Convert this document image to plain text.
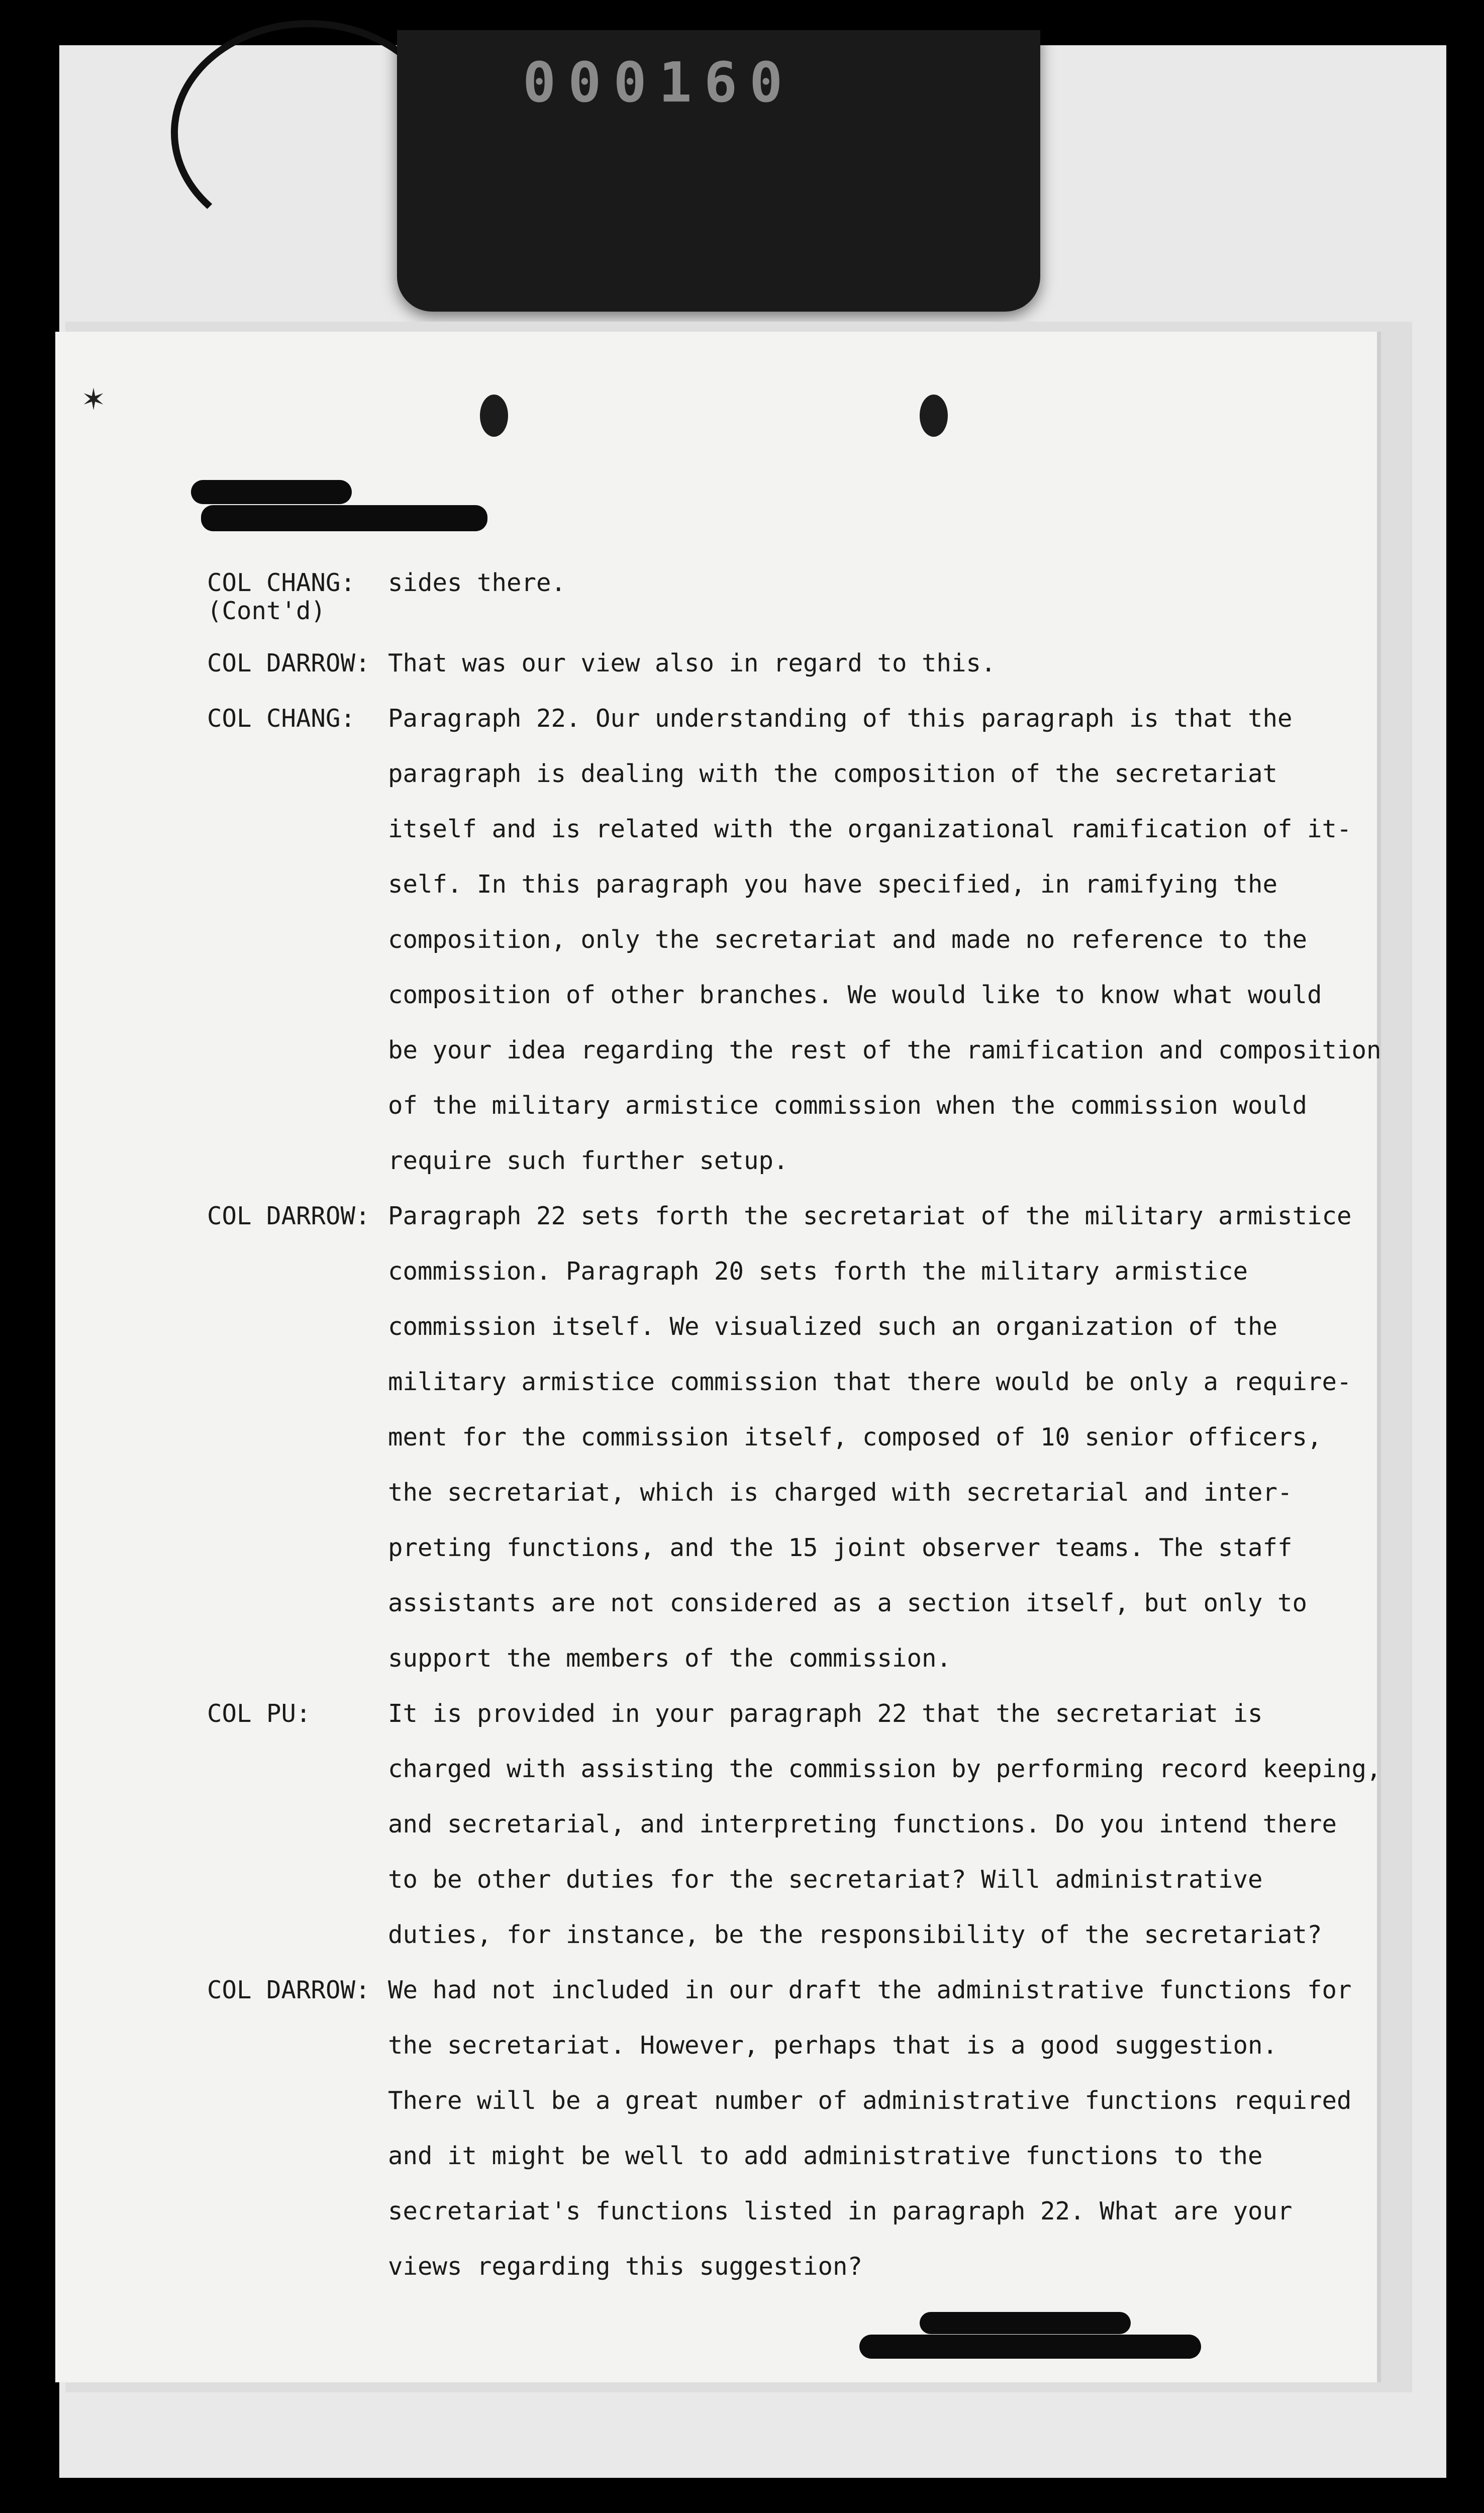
000160
✶
COL CHANG:
(Cont'd)

sides there.

COL DARROW: That was our view also in regard to this.

COL CHANG:	Paragraph 22. Our understanding of this paragraph is that the

paragraph is dealing with the composition of the secretariat

itself and is related with the organizational ramification of it-

self. In this paragraph you have specified, in ramifying the

composition, only the secretariat and made no reference to the

composition of other branches. We would like to know what would

be your idea regarding the rest of the ramification and composition

of the military armistice commission when the commission would

require such further setup.

COL DARROW: Paragraph 22 sets forth the secretariat of the military armistice

commission. Paragraph 20 sets forth the military armistice

commission itself. We visualized such an organization of the

military armistice commission that there would be only a require-

ment for the commission itself, composed of 10 senior officers,

the secretariat, which is charged with secretarial and inter-

preting functions, and the 15 joint observer teams. The staff

assistants are not considered as a section itself, but only to

support the members of the commission.

COL PU:	It is provided in your paragraph 22 that the secretariat is

charged with assisting the commission by performing record keeping,

and secretarial, and interpreting functions. Do you intend there

to be other duties for the secretariat? Will administrative

duties, for instance, be the responsibility of the secretariat?

COL DARROW: We had not included in our draft the administrative functions for

the secretariat. However, perhaps that is a good suggestion.

There will be a great number of administrative functions required

and it might be well to add administrative functions to the

secretariat's functions listed in paragraph 22. What are your

views regarding this suggestion?
